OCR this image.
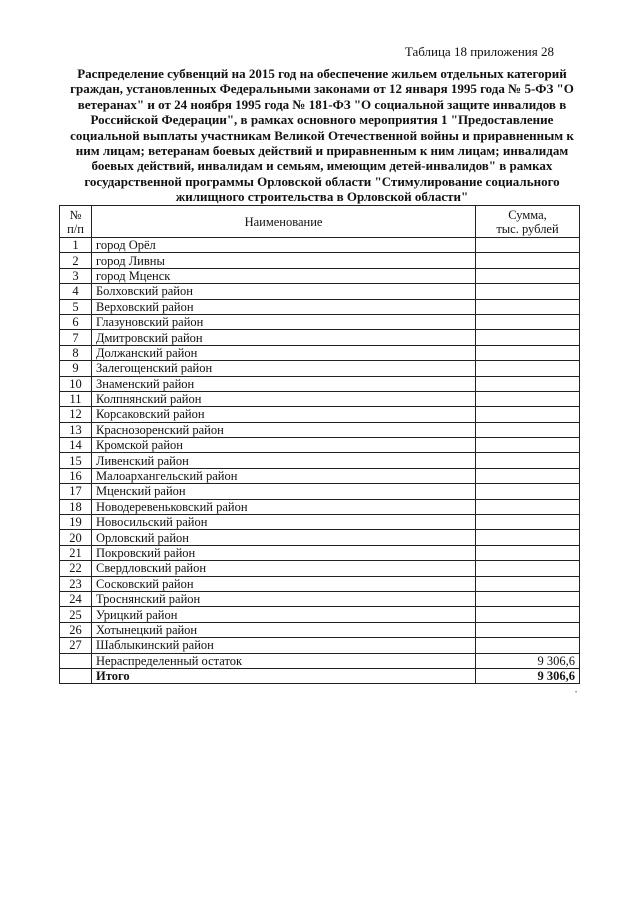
Таблица 18 приложения 28
Распределение субвенций на 2015 год на обеспечение жильем отдельных категорий граждан, установленных Федеральными законами от 12 января 1995 года № 5-ФЗ "О ветеранах" и от 24 ноября 1995 года № 181-ФЗ "О социальной защите инвалидов в Российской Федерации", в рамках основного мероприятия 1 "Предоставление социальной выплаты участникам Великой Отечественной войны и приравненным к ним лицам; ветеранам боевых действий и приравненным к ним лицам; инвалидам боевых действий, инвалидам и семьям, имеющим детей-инвалидов" в рамках государственной программы Орловской области "Стимулирование социального жилищного строительства в Орловской области"
№
п/п	Наименование	Сумма,
тыс. рублей
1	город Орёл	
2	город Ливны	
3	город Мценск	
4	Болховский район	
5	Верховский район	
6	Глазуновский район	
7	Дмитровский район	
8	Должанский район	
9	Залегощенский район	
10	Знаменский район	
11	Колпнянский район	
12	Корсаковский район	
13	Краснозоренский район	
14	Кромской район	
15	Ливенский район	
16	Малоархангельский район	
17	Мценский район	
18	Новодеревеньковский район	
19	Новосильский район	
20	Орловский район	
21	Покровский район	
22	Свердловский район	
23	Сосковский район	
24	Троснянский район	
25	Урицкий район	
26	Хотынецкий район	
27	Шаблыкинский район	
	Нераспределенный остаток	9 306,6
	Итого	9 306,6
•
